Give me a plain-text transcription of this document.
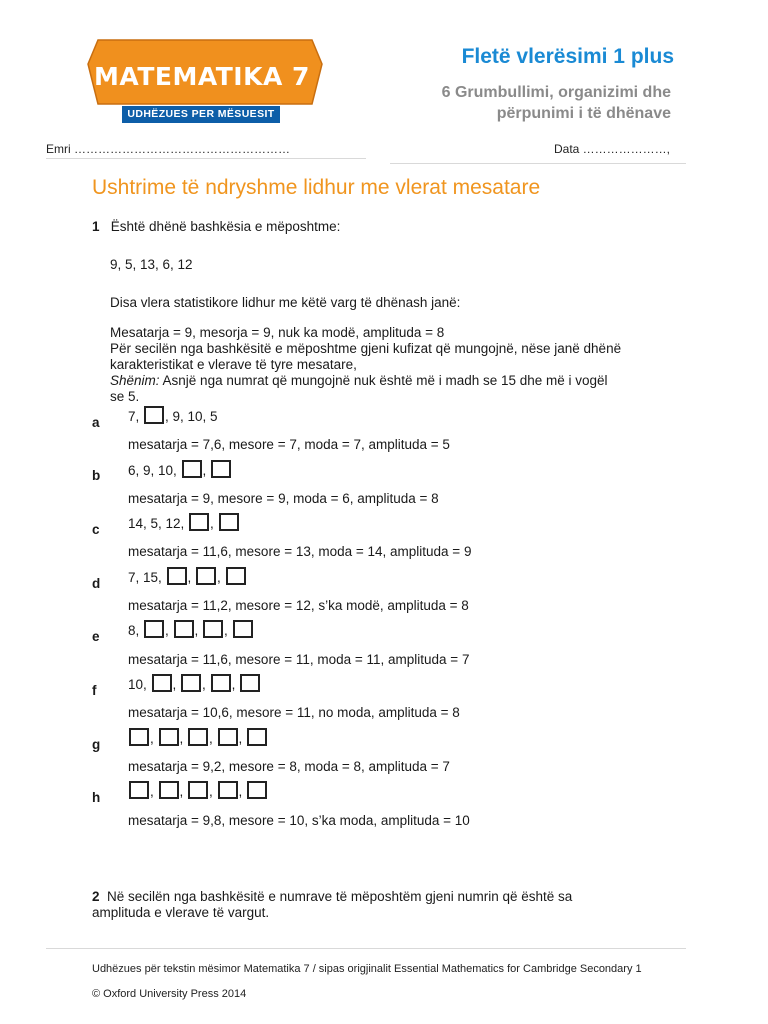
MATEMATIKA 7
UDHËZUES PER MËSUESIT
Fletë vlerësimi 1 plus
6 Grumbullimi, organizimi dhe
përpunimi i të dhënave
Emri ………………………………………………	Data …………………,
Ushtrime të ndryshme lidhur me vlerat mesatare
1 Është dhënë bashkësia e mëposhtme:
9, 5, 13, 6, 12
Disa vlera statistikore lidhur me këtë varg të dhënash janë:
Mesatarja = 9, mesorja = 9, nuk ka modë, amplituda = 8
Për secilën nga bashkësitë e mëposhtme gjeni kufizat që mungojnë, nëse janë dhënë
karakteristikat e vlerave të tyre mesatare,
Shënim: Asnjë nga numrat që mungojnë nuk është më i madh se 15 dhe më i vogël
se 5.
a 7, , 9, 10, 5
mesatarja = 7,6, mesore = 7, moda = 7, amplituda = 5
b 6, 9, 10, ,
mesatarja = 9, mesore = 9, moda = 6, amplituda = 8
c 14, 5, 12, ,
mesatarja = 11,6, mesore = 13, moda = 14, amplituda = 9
d 7, 15, ,
,
mesatarja = 11,2, mesore = 12, s’ka modë, amplituda = 8
e 8, ,
,
,
mesatarja = 11,6, mesore = 11, moda = 11, amplituda = 7
f 10, ,
,
,
mesatarja = 10,6, mesore = 11, no moda, amplituda = 8
g	,
,
,
,
mesatarja = 9,2, mesore = 8, moda = 8, amplituda = 7
h	,
,
,
,
mesatarja = 9,8, mesore = 10, s’ka moda, amplituda = 10
2 Në secilën nga bashkësitë e numrave të mëposhtëm gjeni numrin që është sa
amplituda e vlerave të vargut.
Udhëzues për tekstin mësimor Matematika 7 / sipas origjinalit Essential Mathematics for Cambridge Secondary 1
© Oxford University Press 2014
